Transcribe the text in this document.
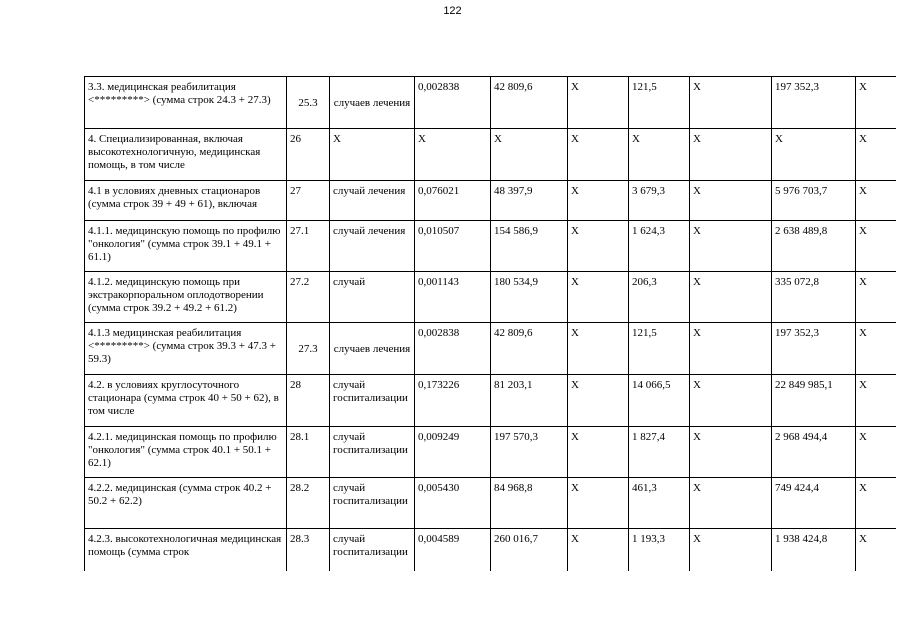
122
3.3. медицинская реабилитация <*********> (сумма строк 24.3 + 27.3)	25.3	случаев лечения	0,002838	42 809,6	Х	121,5	Х	197 352,3	Х
4. Специализированная, включая высокотехнологичную, медицинская помощь, в том числе	26	Х	Х	Х	Х	Х	Х	Х	Х
4.1 в условиях дневных стационаров (сумма строк 39 + 49 + 61), включая	27	случай лечения	0,076021	48 397,9	Х	3 679,3	Х	5 976 703,7	Х
4.1.1. медицинскую помощь по профилю "онкология" (сумма строк 39.1 + 49.1 + 61.1)	27.1	случай лечения	0,010507	154 586,9	Х	1 624,3	Х	2 638 489,8	Х
4.1.2. медицинскую помощь при экстракорпоральном оплодотворении (сумма строк 39.2 + 49.2 + 61.2)	27.2	случай	0,001143	180 534,9	Х	206,3	Х	335 072,8	Х
4.1.3 медицинская реабилитация <*********> (сумма строк 39.3 + 47.3 + 59.3)	27.3	случаев лечения	0,002838	42 809,6	Х	121,5	Х	197 352,3	Х
4.2. в условиях круглосуточного стационара (сумма строк 40 + 50 + 62), в том числе	28	случай госпитализации	0,173226	81 203,1	Х	14 066,5	Х	22 849 985,1	Х
4.2.1. медицинская помощь по профилю "онкология" (сумма строк 40.1 + 50.1 + 62.1)	28.1	случай госпитализации	0,009249	197 570,3	Х	1 827,4	Х	2 968 494,4	Х
4.2.2. медицинская (сумма строк 40.2 + 50.2 + 62.2)	28.2	случай госпитализации	0,005430	84 968,8	Х	461,3	Х	749 424,4	Х
4.2.3. высокотехнологичная медицинская помощь (сумма строк	28.3	случай госпитализации	0,004589	260 016,7	Х	1 193,3	Х	1 938 424,8	Х
